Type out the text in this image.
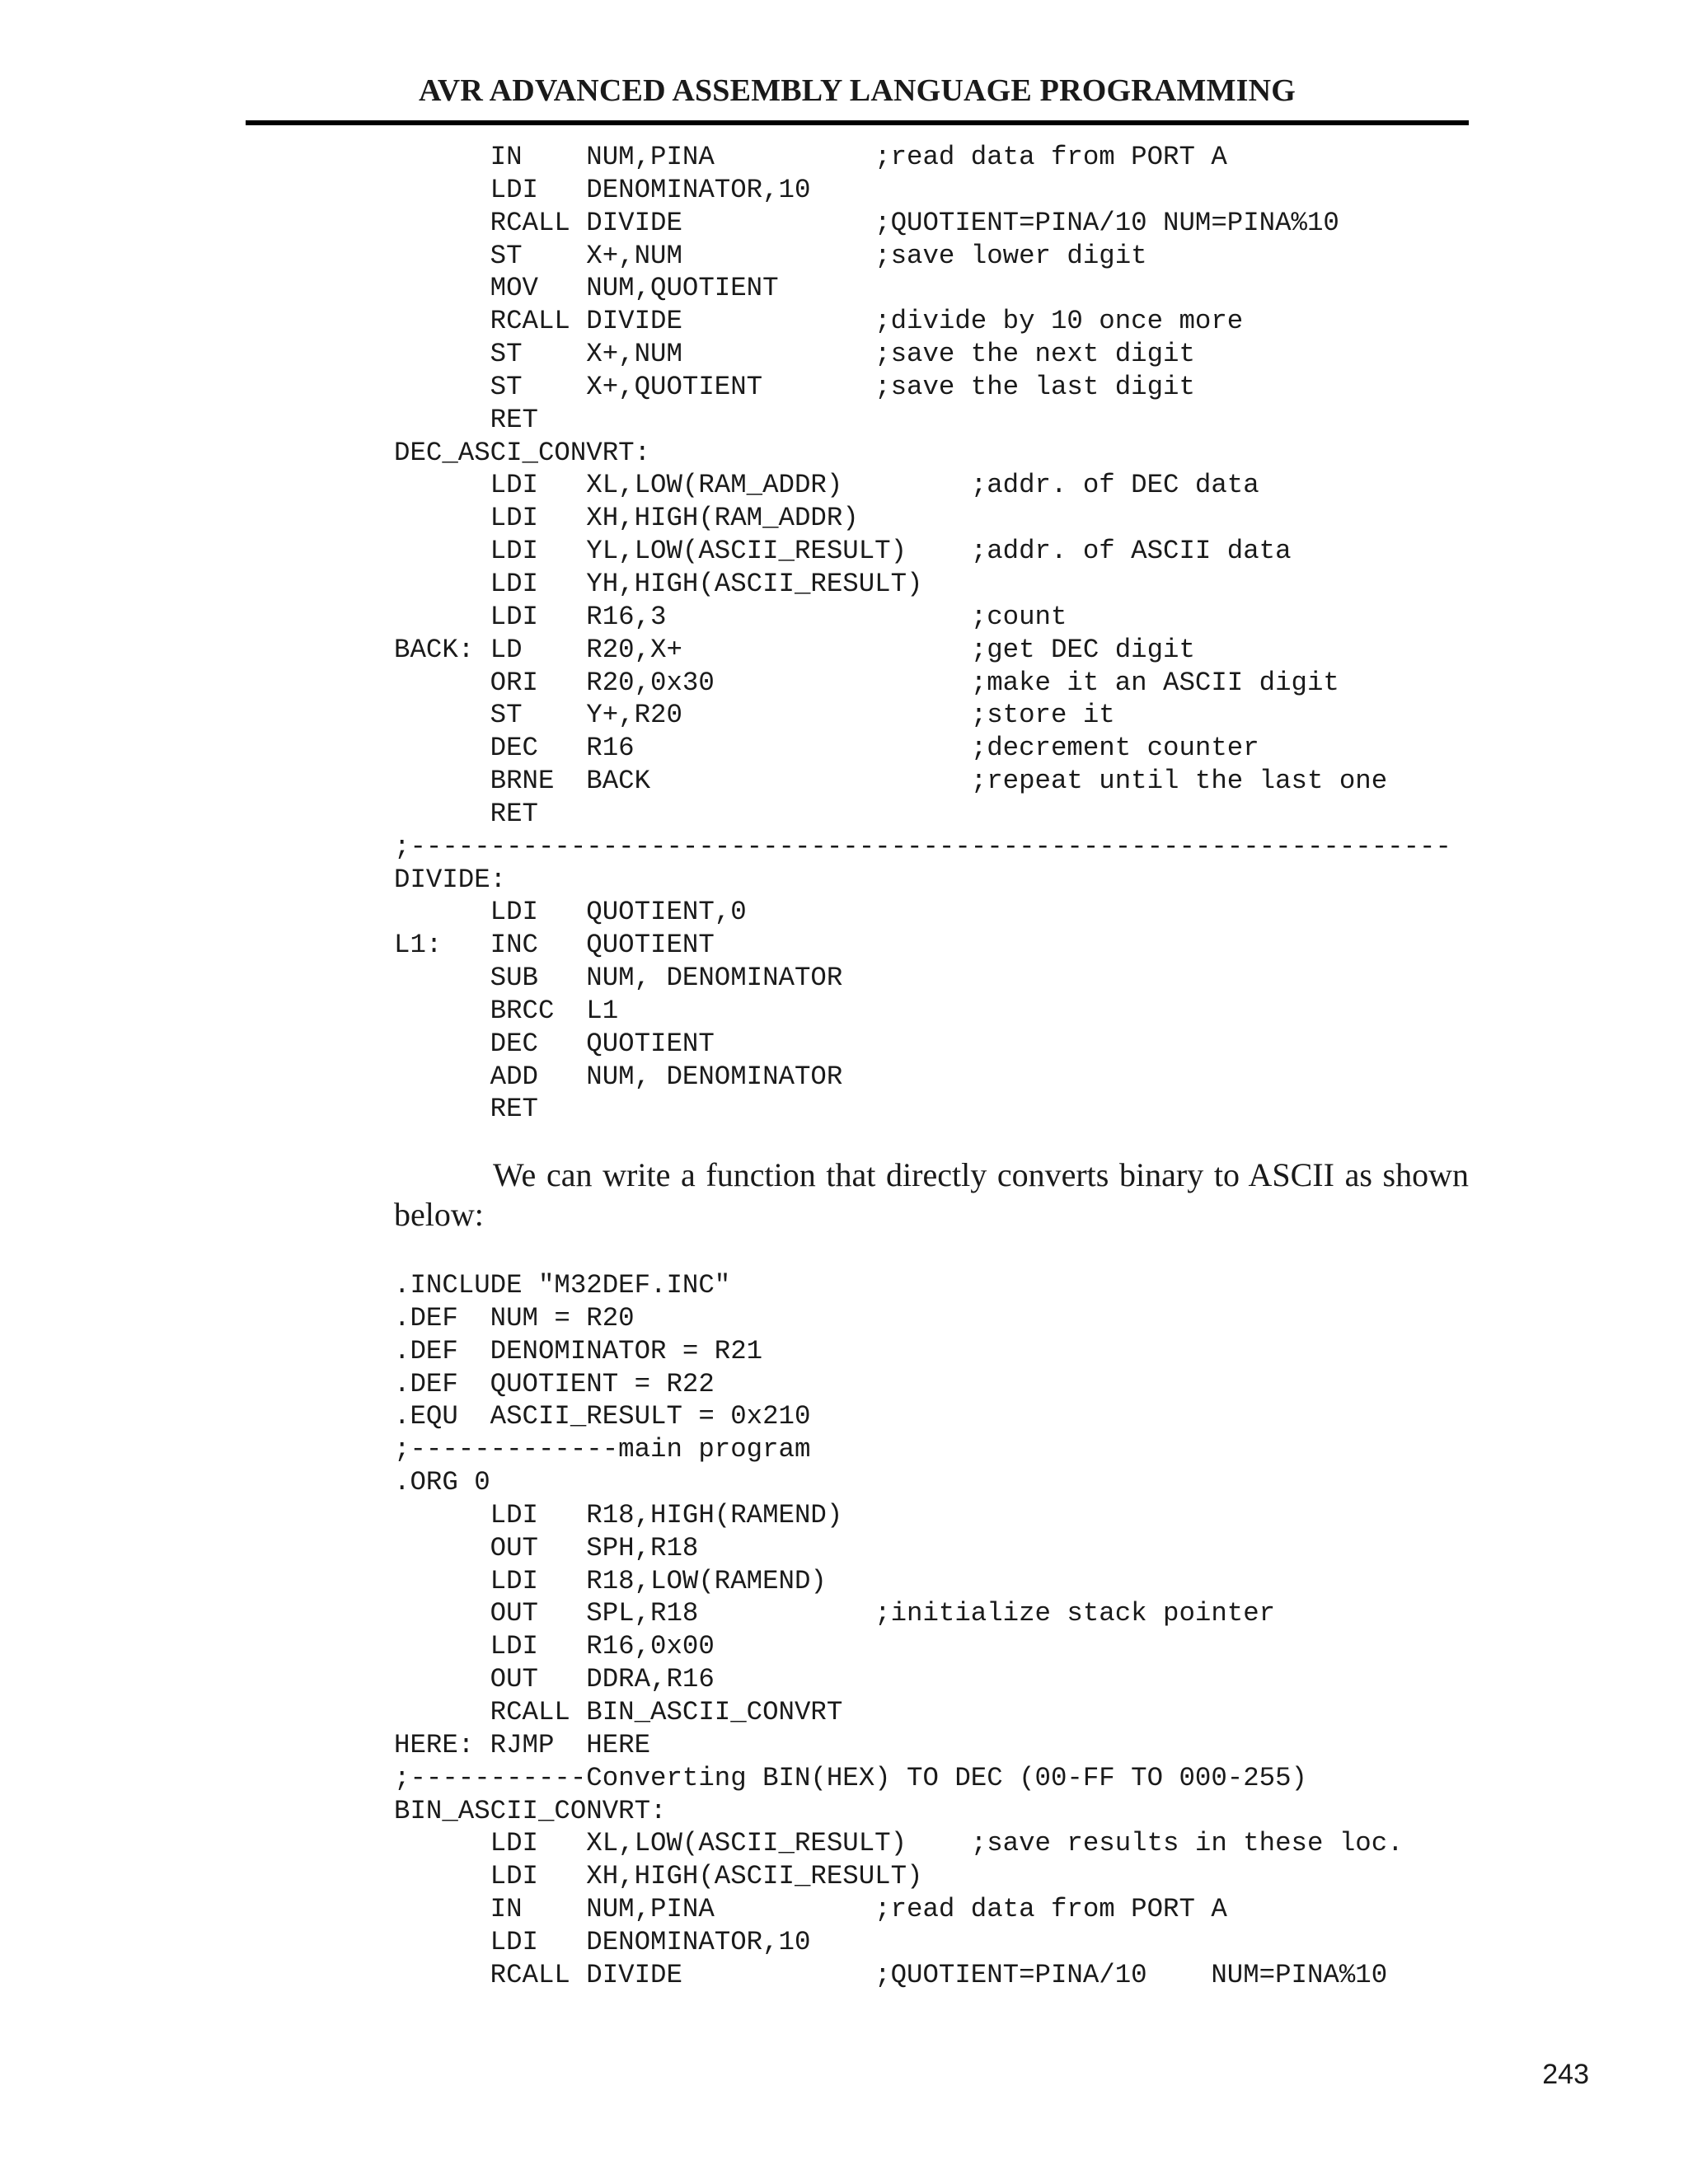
AVR ADVANCED ASSEMBLY LANGUAGE PROGRAMMING
IN    NUM,PINA          ;read data from PORT A
LDI   DENOMINATOR,10
RCALL DIVIDE            ;QUOTIENT=PINA/10 NUM=PINA%10
ST    X+,NUM            ;save lower digit
MOV   NUM,QUOTIENT
RCALL DIVIDE            ;divide by 10 once more
ST    X+,NUM            ;save the next digit
ST    X+,QUOTIENT       ;save the last digit
RET
DEC_ASCI_CONVRT:
LDI   XL,LOW(RAM_ADDR)        ;addr. of DEC data
LDI   XH,HIGH(RAM_ADDR)
LDI   YL,LOW(ASCII_RESULT)    ;addr. of ASCII data
LDI   YH,HIGH(ASCII_RESULT)
LDI   R16,3                   ;count
BACK: LD    R20,X+                  ;get DEC digit
ORI   R20,0x30                ;make it an ASCII digit
ST    Y+,R20                  ;store it
DEC   R16                     ;decrement counter
BRNE  BACK                    ;repeat until the last one
RET
;-----------------------------------------------------------------
DIVIDE:
LDI   QUOTIENT,0
L1:   INC   QUOTIENT
SUB   NUM, DENOMINATOR
BRCC  L1
DEC   QUOTIENT
ADD   NUM, DENOMINATOR
RET

We can write a function that directly converts binary to ASCII as shown below:

.INCLUDE "M32DEF.INC"
.DEF  NUM = R20
.DEF  DENOMINATOR = R21
.DEF  QUOTIENT = R22
.EQU  ASCII_RESULT = 0x210
;-------------main program
.ORG 0
LDI   R18,HIGH(RAMEND)
OUT   SPH,R18
LDI   R18,LOW(RAMEND)
OUT   SPL,R18           ;initialize stack pointer
LDI   R16,0x00
OUT   DDRA,R16
RCALL BIN_ASCII_CONVRT
HERE: RJMP  HERE
;-----------Converting BIN(HEX) TO DEC (00-FF TO 000-255)
BIN_ASCII_CONVRT:
LDI   XL,LOW(ASCII_RESULT)    ;save results in these loc.
LDI   XH,HIGH(ASCII_RESULT)
IN    NUM,PINA          ;read data from PORT A
LDI   DENOMINATOR,10
RCALL DIVIDE            ;QUOTIENT=PINA/10    NUM=PINA%10
243
